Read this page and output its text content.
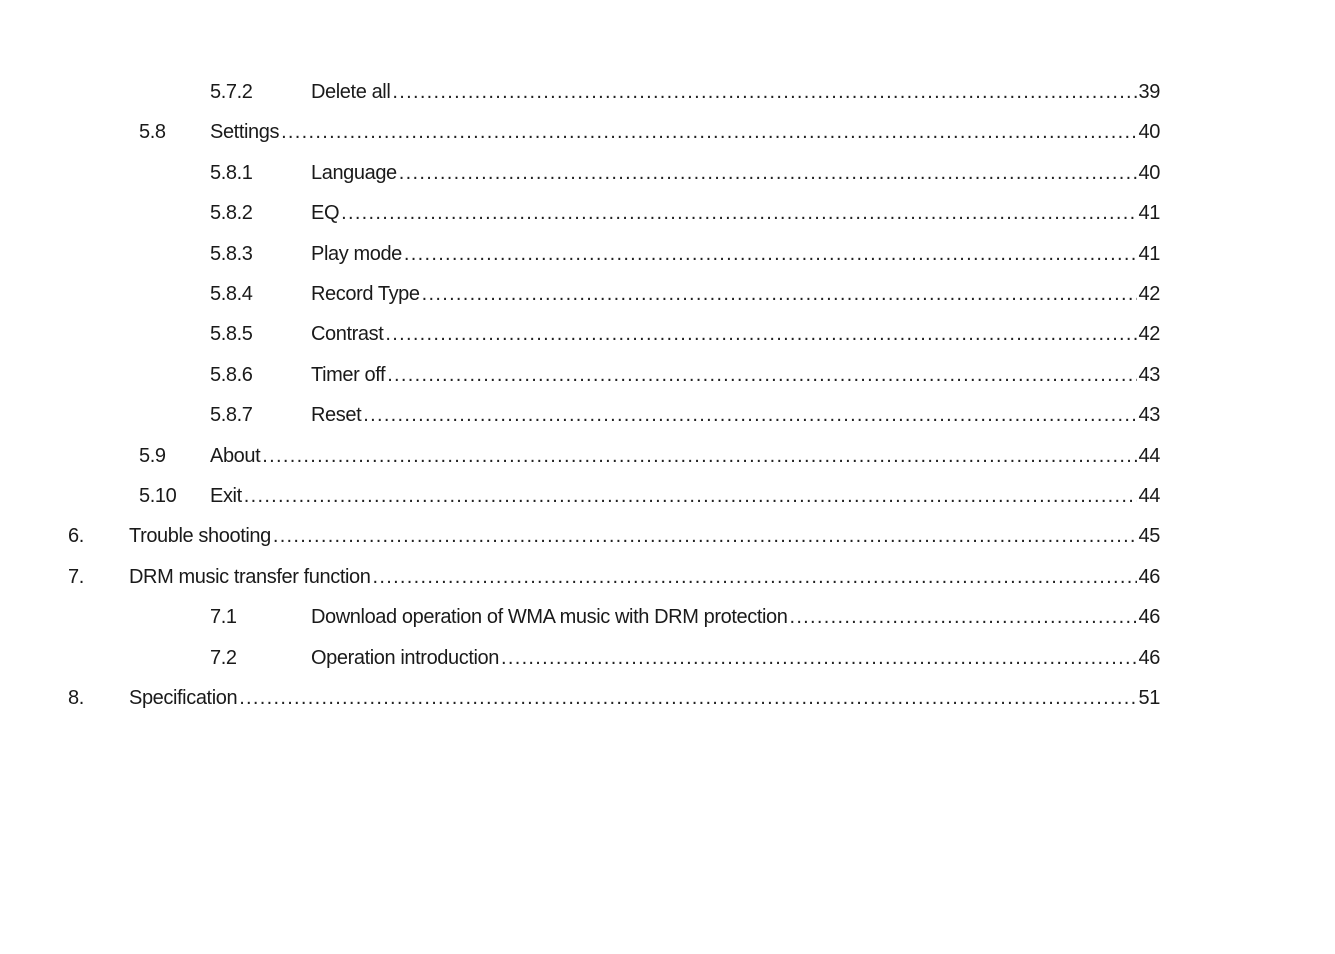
5.7.2	Delete all .....	39
5.8 Settings .....	40
5.8.1	Language .....	40
5.8.2	EQ .....	41
5.8.3	Play mode .....	41
5.8.4	Record Type .....	42
5.8.5	Contrast .....	42
5.8.6	Timer off .....	43
5.8.7	Reset .....	43
5.9 About .....	44
5.10 Exit .....	44
6. Trouble shooting .....	45
7. DRM music transfer function .....	46
7.1	Download operation of WMA music with DRM protection .....	46
7.2	Operation introduction .....	46
8. Specification .....	51
